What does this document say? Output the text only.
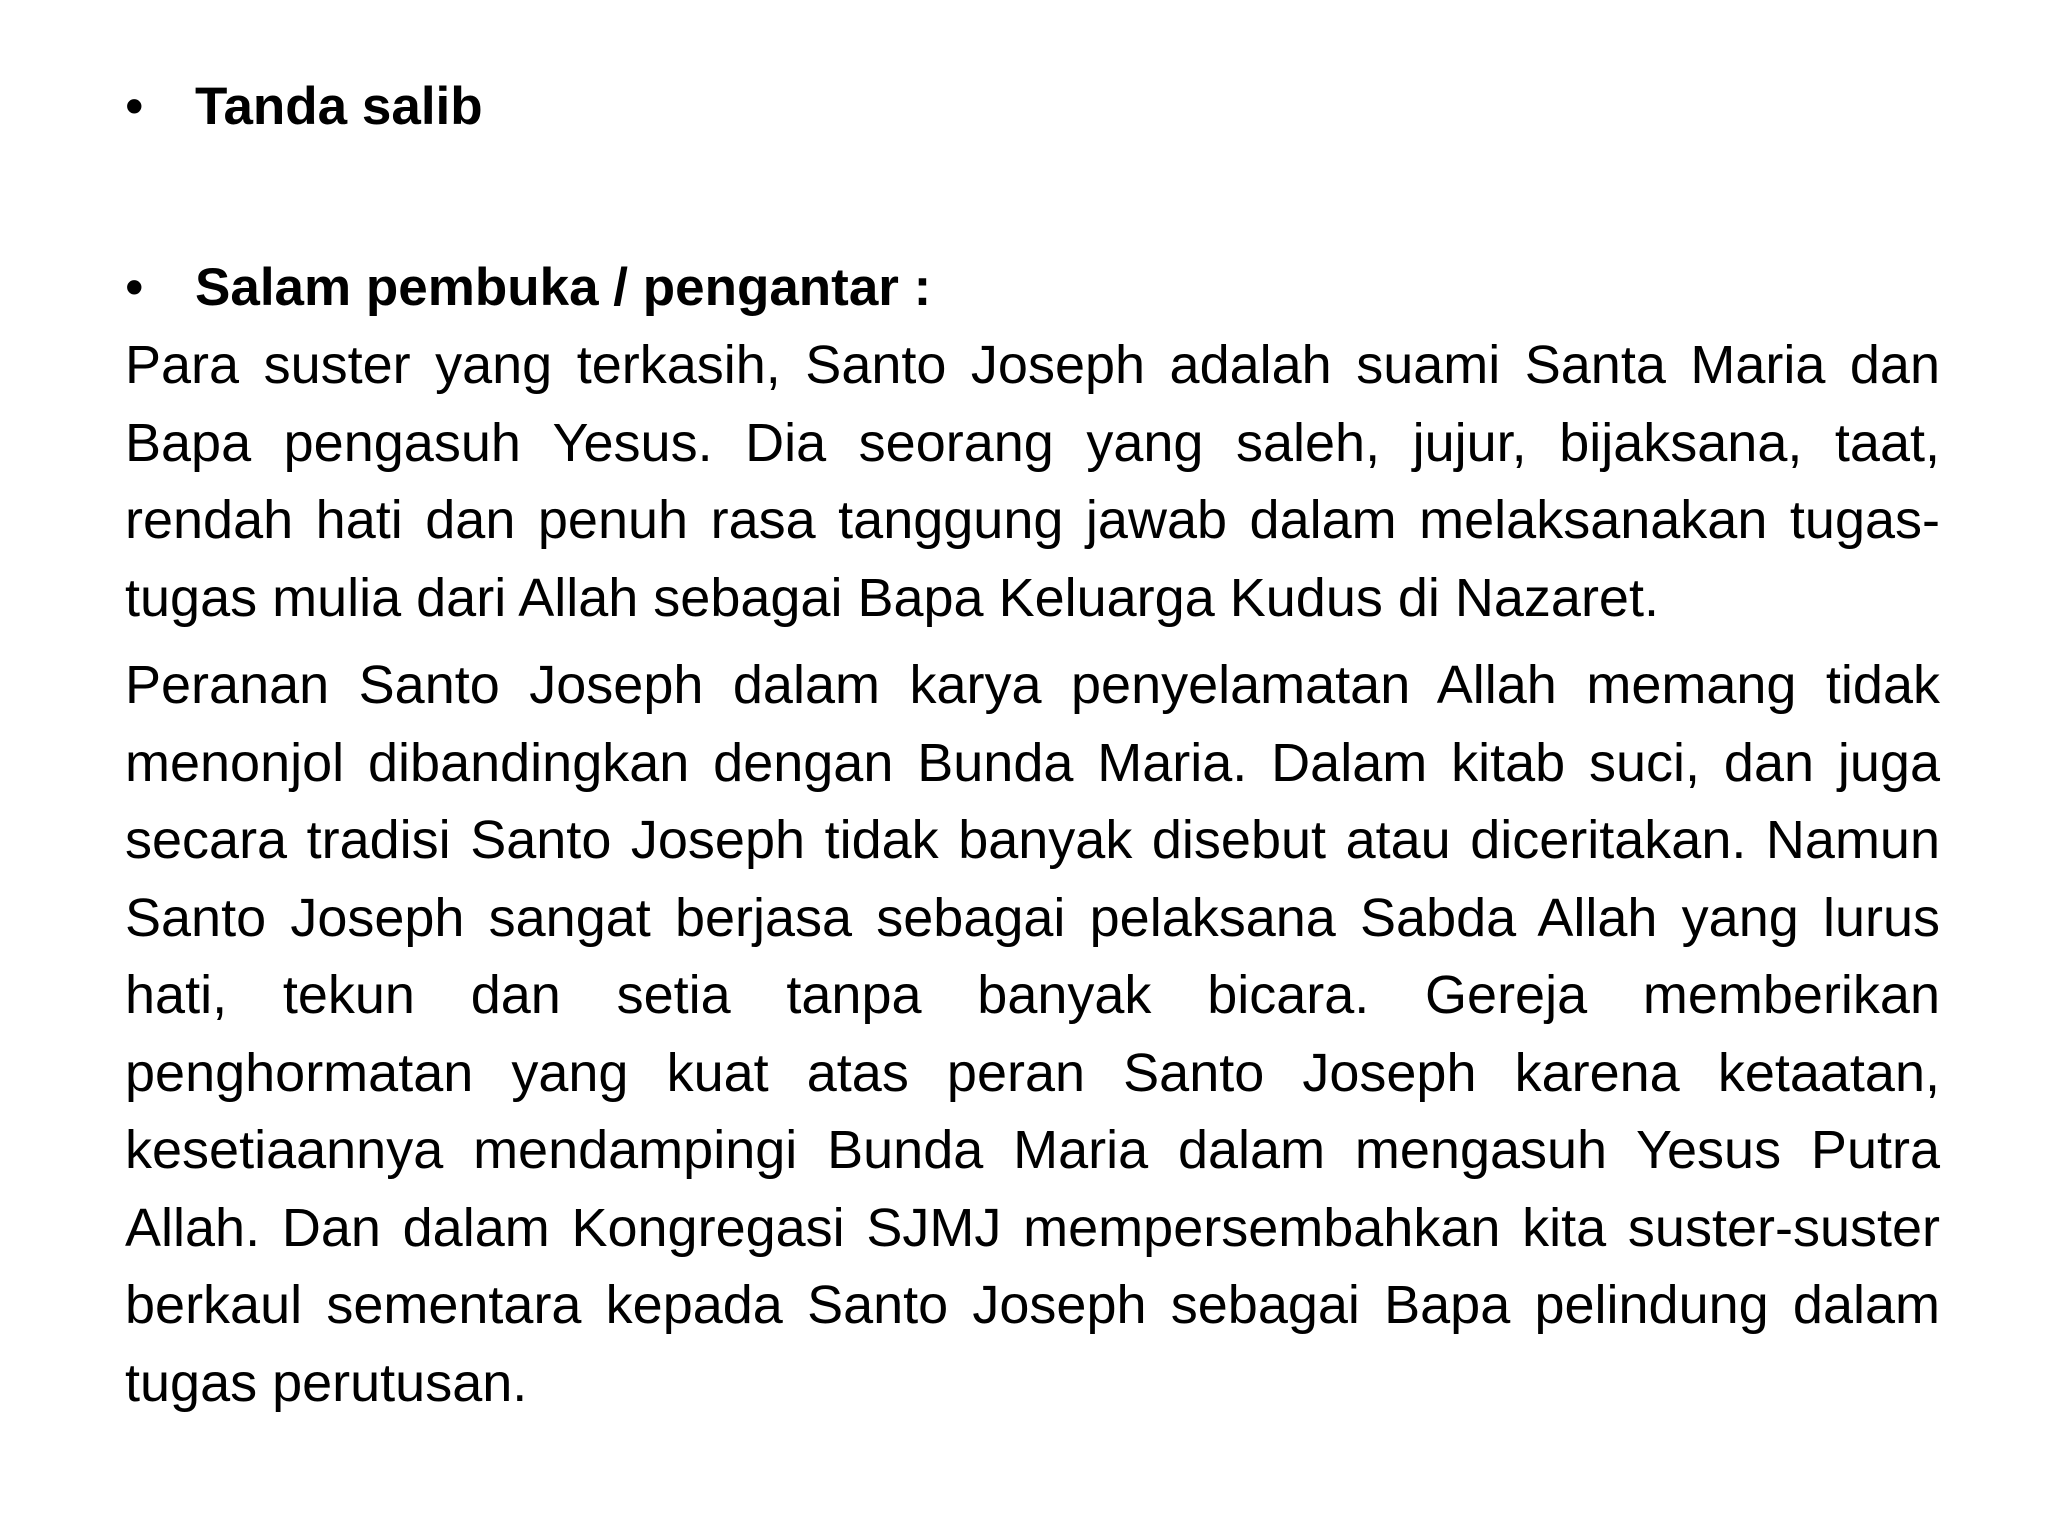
• Tanda salib
• Salam pembuka / pengantar :

Para suster yang terkasih, Santo Joseph adalah suami Santa Maria dan Bapa pengasuh Yesus. Dia seorang yang saleh, jujur, bijaksana, taat, rendah hati dan penuh rasa tanggung jawab dalam melaksanakan tugas-tugas mulia dari Allah sebagai Bapa Keluarga Kudus di Nazaret.

Peranan Santo Joseph dalam karya penyelamatan Allah memang tidak menonjol dibandingkan dengan Bunda Maria. Dalam kitab suci, dan juga secara tradisi Santo Joseph tidak banyak disebut atau diceritakan. Namun Santo Joseph sangat berjasa sebagai pelaksana Sabda Allah yang lurus hati, tekun dan setia tanpa banyak bicara. Gereja memberikan penghormatan yang kuat atas peran Santo Joseph karena ketaatan, kesetiaannya mendampingi Bunda Maria dalam mengasuh Yesus Putra Allah. Dan dalam Kongregasi SJMJ mempersembahkan kita suster-suster berkaul sementara kepada Santo Joseph sebagai Bapa pelindung dalam tugas perutusan.
